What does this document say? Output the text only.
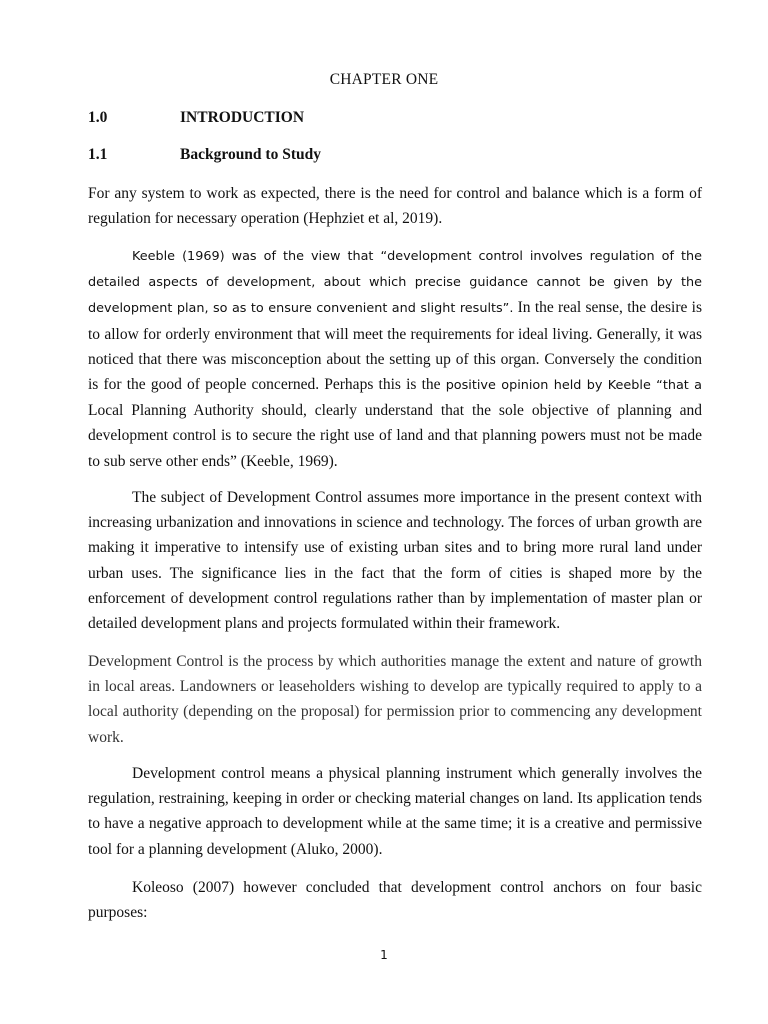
CHAPTER ONE
1.0	INTRODUCTION
1.1	Background to Study

For any system to work as expected, there is the need for control and balance which is a form of regulation for necessary operation (Hephziet et al, 2019).

Keeble (1969) was of the view that “development control involves regulation of the detailed aspects of development, about which precise guidance cannot be given by the development plan, so as to ensure convenient and slight results”. In the real sense, the desire is to allow for orderly environment that will meet the requirements for ideal living. Generally, it was noticed that there was misconception about the setting up of this organ. Conversely the condition is for the good of people concerned. Perhaps this is the positive opinion held by Keeble “that a Local Planning Authority should, clearly understand that the sole objective of planning and development control is to secure the right use of land and that planning powers must not be made to sub serve other ends” (Keeble, 1969).

The subject of Development Control assumes more importance in the present context with increasing urbanization and innovations in science and technology. The forces of urban growth are making it imperative to intensify use of existing urban sites and to bring more rural land under urban uses. The significance lies in the fact that the form of cities is shaped more by the enforcement of development control regulations rather than by implementation of master plan or detailed development plans and projects formulated within their framework.

Development Control is the process by which authorities manage the extent and nature of growth in local areas. Landowners or leaseholders wishing to develop are typically required to apply to a local authority (depending on the proposal) for permission prior to commencing any development work.

Development control means a physical planning instrument which generally involves the regulation, restraining, keeping in order or checking material changes on land. Its application tends to have a negative approach to development while at the same time; it is a creative and permissive tool for a planning development (Aluko, 2000).

Koleoso (2007) however concluded that development control anchors on four basic purposes:

1
